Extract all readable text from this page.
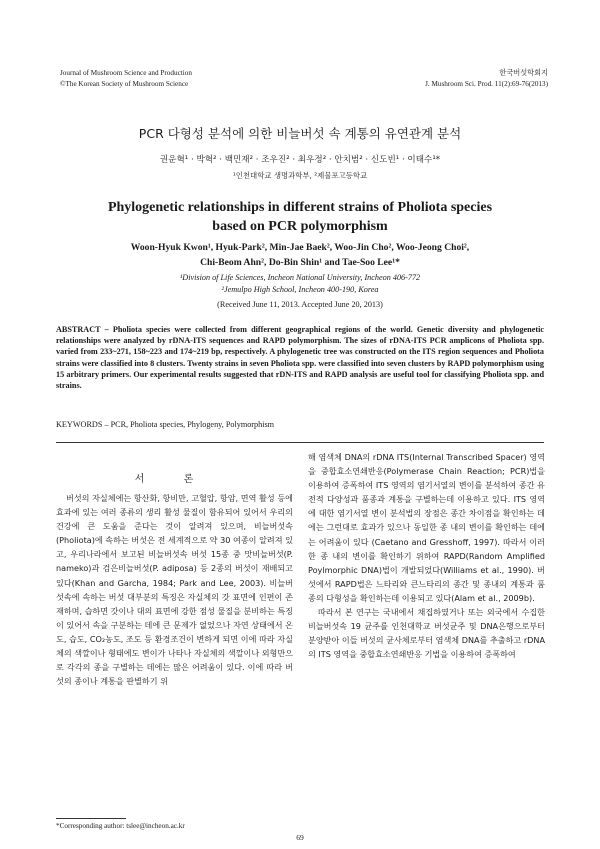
Journal of Mushroom Science and Production
©The Korean Society of Mushroom Science
한국버섯학회지
J. Mushroom Sci. Prod. 11(2):69-76(2013)
PCR 다형성 분석에 의한 비늘버섯 속 계통의 유연관계 분석
권운혁¹ · 박혁² · 백민재² · 조우진² · 최우정² · 안치범² · 신도빈¹ · 이태수¹*
¹인천대학교 생명과학부, ²제물포고등학교
Phylogenetic relationships in different strains of Pholiota species
based on PCR polymorphism
Woon-Hyuk Kwon¹, Hyuk-Park², Min-Jae Baek², Woo-Jin Cho², Woo-Jeong Choi²,
Chi-Beom Ahn², Do-Bin Shin¹ and Tae-Soo Lee¹*
¹Division of Life Sciences, Incheon National University, Incheon 406-772
²Jemulpo High School, Incheon 400-190, Korea
(Received June 11, 2013. Accepted June 20, 2013)
ABSTRACT – Pholiota species were collected from different geographical regions of the world. Genetic diversity and phylogenetic relationships were analyzed by rDNA-ITS sequences and RAPD polymorphism. The sizes of rDNA-ITS PCR amplicons of Pholiota spp. varied from 233~271, 158~223 and 174~219 bp, respectively. A phylogenetic tree was constructed on the ITS region sequences and Pholiota strains were classified into 8 clusters. Twenty strains in seven Pholiota spp. were classified into seven clusters by RAPD polymorphism using 15 arbitrary primers. Our experimental results suggested that rDN-ITS and RAPD analysis are useful tool for classifying Pholiota spp. and strains.
KEYWORDS – PCR, Pholiota species, Phylogeny, Polymorphism
서 론

버섯의 자실체에는 항산화, 항비만, 고혈압, 항암, 면역 활성 등에 효과에 있는 여러 종류의 생리 활성 물질이 함유되어 있어서 우리의 건강에 큰 도움을 준다는 것이 알려져 있으며, 비늘버섯속(Pholiota)에 속하는 버섯은 전 세계적으로 약 30 여종이 알려져 있고, 우리나라에서 보고된 비늘버섯속 버섯 15종 중 맛비늘버섯(P. nameko)과 검은비늘버섯(P. adiposa) 등 2종의 버섯이 재배되고 있다(Khan and Garcha, 1984; Park and Lee, 2003). 비늘버섯속에 속하는 버섯 대부분의 특징은 자실체의 갓 표면에 인편이 존재하며, 습하면 갓이나 대의 표면에 강한 점성 물질을 분비하는 특징이 있어서 속을 구분하는 데에 큰 문제가 없었으나 자연 상태에서 온도, 습도, CO₂농도, 조도 등 환경조건이 변하게 되면 이에 따라 자실체의 색깔이나 형태에도 변이가 나타나 자실체의 색깔이나 외형만으로 각각의 종을 구별하는 데에는 많은 어려움이 있다. 이에 따라 버섯의 종이나 계통을 판별하기 위

해 염색체 DNA의 rDNA ITS(Internal Transcribed Spacer) 영역을 중합효소연쇄반응(Polymerase Chain Reaction; PCR)법을 이용하여 증폭하여 ITS 영역의 염기서열의 변이를 분석하여 종간 유전적 다양성과 품종과 계통을 구별하는데 이용하고 있다. ITS 영역에 대한 염기서열 변이 분석법의 장점은 종간 차이점을 확인하는 데에는 그런대로 효과가 있으나 동일한 종 내의 변이를 확인하는 데에는 어려움이 있다 (Caetano and Gresshoff, 1997). 따라서 이러한 종 내의 변이를 확인하기 위하여 RAPD(Random Amplified Poylmorphic DNA)법이 개발되었다(Williams et al., 1990). 버섯에서 RAPD법은 느타리와 큰느타리의 종간 및 종내의 계통과 품종의 다형성을 확인하는데 이용되고 있다(Alam et al., 2009b).

따라서 본 연구는 국내에서 채집하였거나 또는 외국에서 수집한 비늘버섯속 19 균주를 인천대학교 버섯균주 및 DNA은행으로부터 분양받아 이들 버섯의 균사체로부터 염색체 DNA를 추출하고 rDNA의 ITS 영역을 중합효소연쇄반응 기법을 이용하여 증폭하여

*Corresponding author: tslee@incheon.ac.kr
69
